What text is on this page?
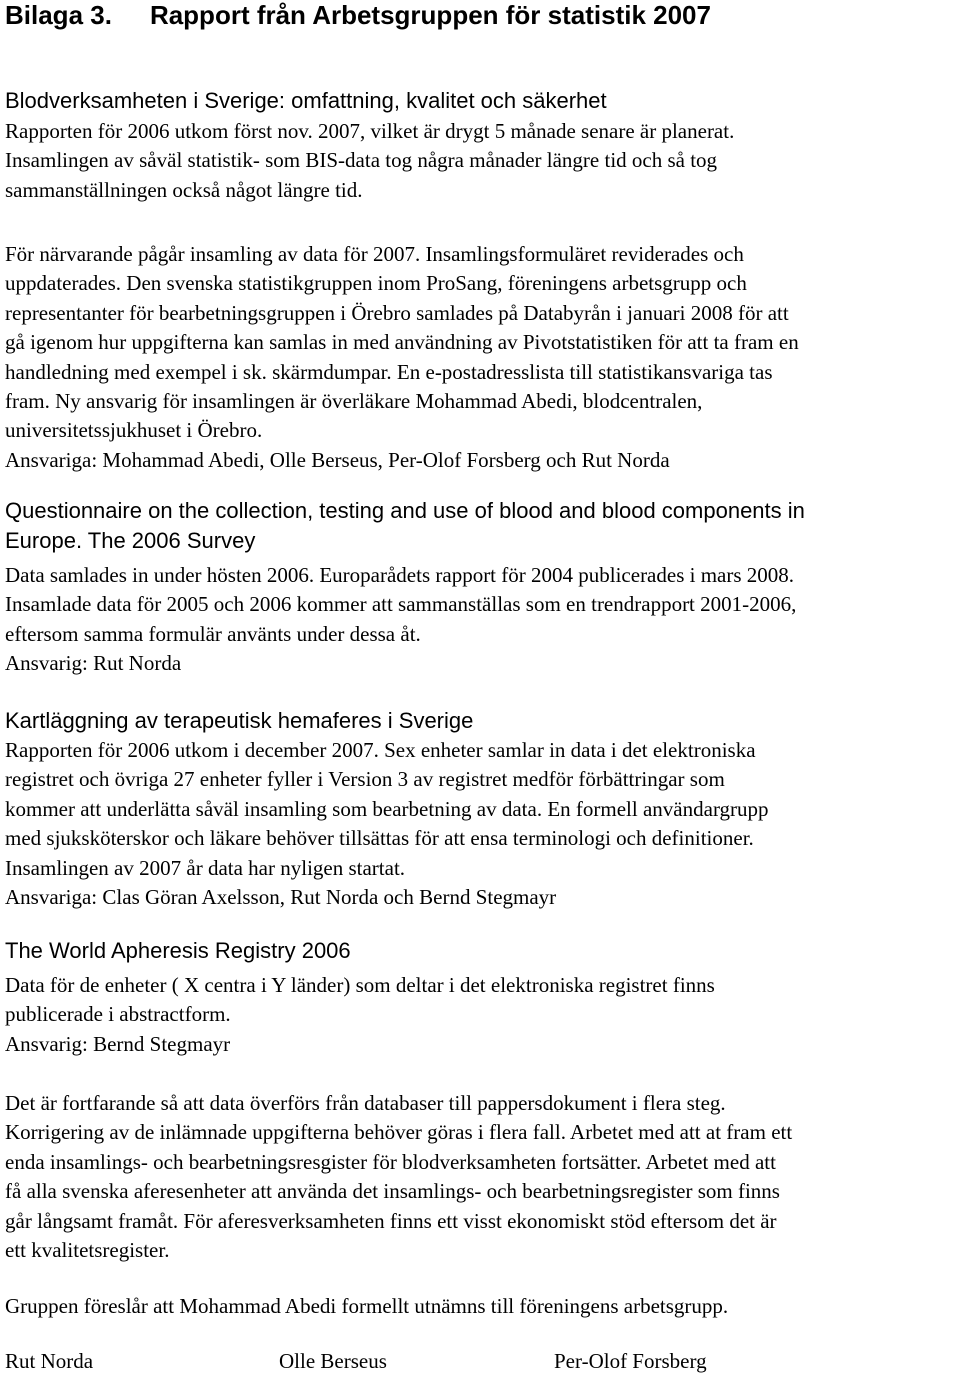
Bilaga 3. Rapport från Arbetsgruppen för statistik 2007
Blodverksamheten i Sverige: omfattning, kvalitet och säkerhet
Rapporten för 2006 utkom först nov. 2007, vilket är drygt 5 månade senare är planerat.
Insamlingen av såväl statistik- som BIS-data tog några månader längre tid och så tog
sammanställningen också något längre tid.
För närvarande pågår insamling av data för 2007. Insamlingsformuläret reviderades och
uppdaterades. Den svenska statistikgruppen inom ProSang, föreningens arbetsgrupp och
representanter för bearbetningsgruppen i Örebro samlades på Databyrån i januari 2008 för att
gå igenom hur uppgifterna kan samlas in med användning av Pivotstatistiken för att ta fram en
handledning med exempel i sk. skärmdumpar. En e-postadresslista till statistikansvariga tas
fram. Ny ansvarig för insamlingen är överläkare Mohammad Abedi, blodcentralen,
universitetssjukhuset i Örebro.
Ansvariga: Mohammad Abedi, Olle Berseus, Per-Olof Forsberg och Rut Norda
Questionnaire on the collection, testing and use of blood and blood components in
Europe. The 2006 Survey
Data samlades in under hösten 2006. Europarådets rapport för 2004 publicerades i mars 2008.
Insamlade data för 2005 och 2006 kommer att sammanställas som en trendrapport 2001-2006,
eftersom samma formulär använts under dessa åt.
Ansvarig: Rut Norda
Kartläggning av terapeutisk hemaferes i Sverige
Rapporten för 2006 utkom i december 2007. Sex enheter samlar in data i det elektroniska
registret och övriga 27 enheter fyller i Version 3 av registret medför förbättringar som
kommer att underlätta såväl insamling som bearbetning av data. En formell användargrupp
med sjuksköterskor och läkare behöver tillsättas för att ensa terminologi och definitioner.
Insamlingen av 2007 år data har nyligen startat.
Ansvariga: Clas Göran Axelsson, Rut Norda och Bernd Stegmayr
The World Apheresis Registry 2006
Data för de enheter ( X centra i Y länder) som deltar i det elektroniska registret finns
publicerade i abstractform.
Ansvarig: Bernd Stegmayr
Det är fortfarande så att data överförs från databaser till pappersdokument i flera steg.
Korrigering av de inlämnade uppgifterna behöver göras i flera fall. Arbetet med att at fram ett
enda insamlings- och bearbetningsresgister för blodverksamheten fortsätter. Arbetet med att
få alla svenska aferesenheter att använda det insamlings- och bearbetningsregister som finns
går långsamt framåt. För aferesverksamheten finns ett visst ekonomiskt stöd eftersom det är
ett kvalitetsregister.
Gruppen föreslår att Mohammad Abedi formellt utnämns till föreningens arbetsgrupp.
Rut Norda	Olle Berseus	Per-Olof Forsberg
